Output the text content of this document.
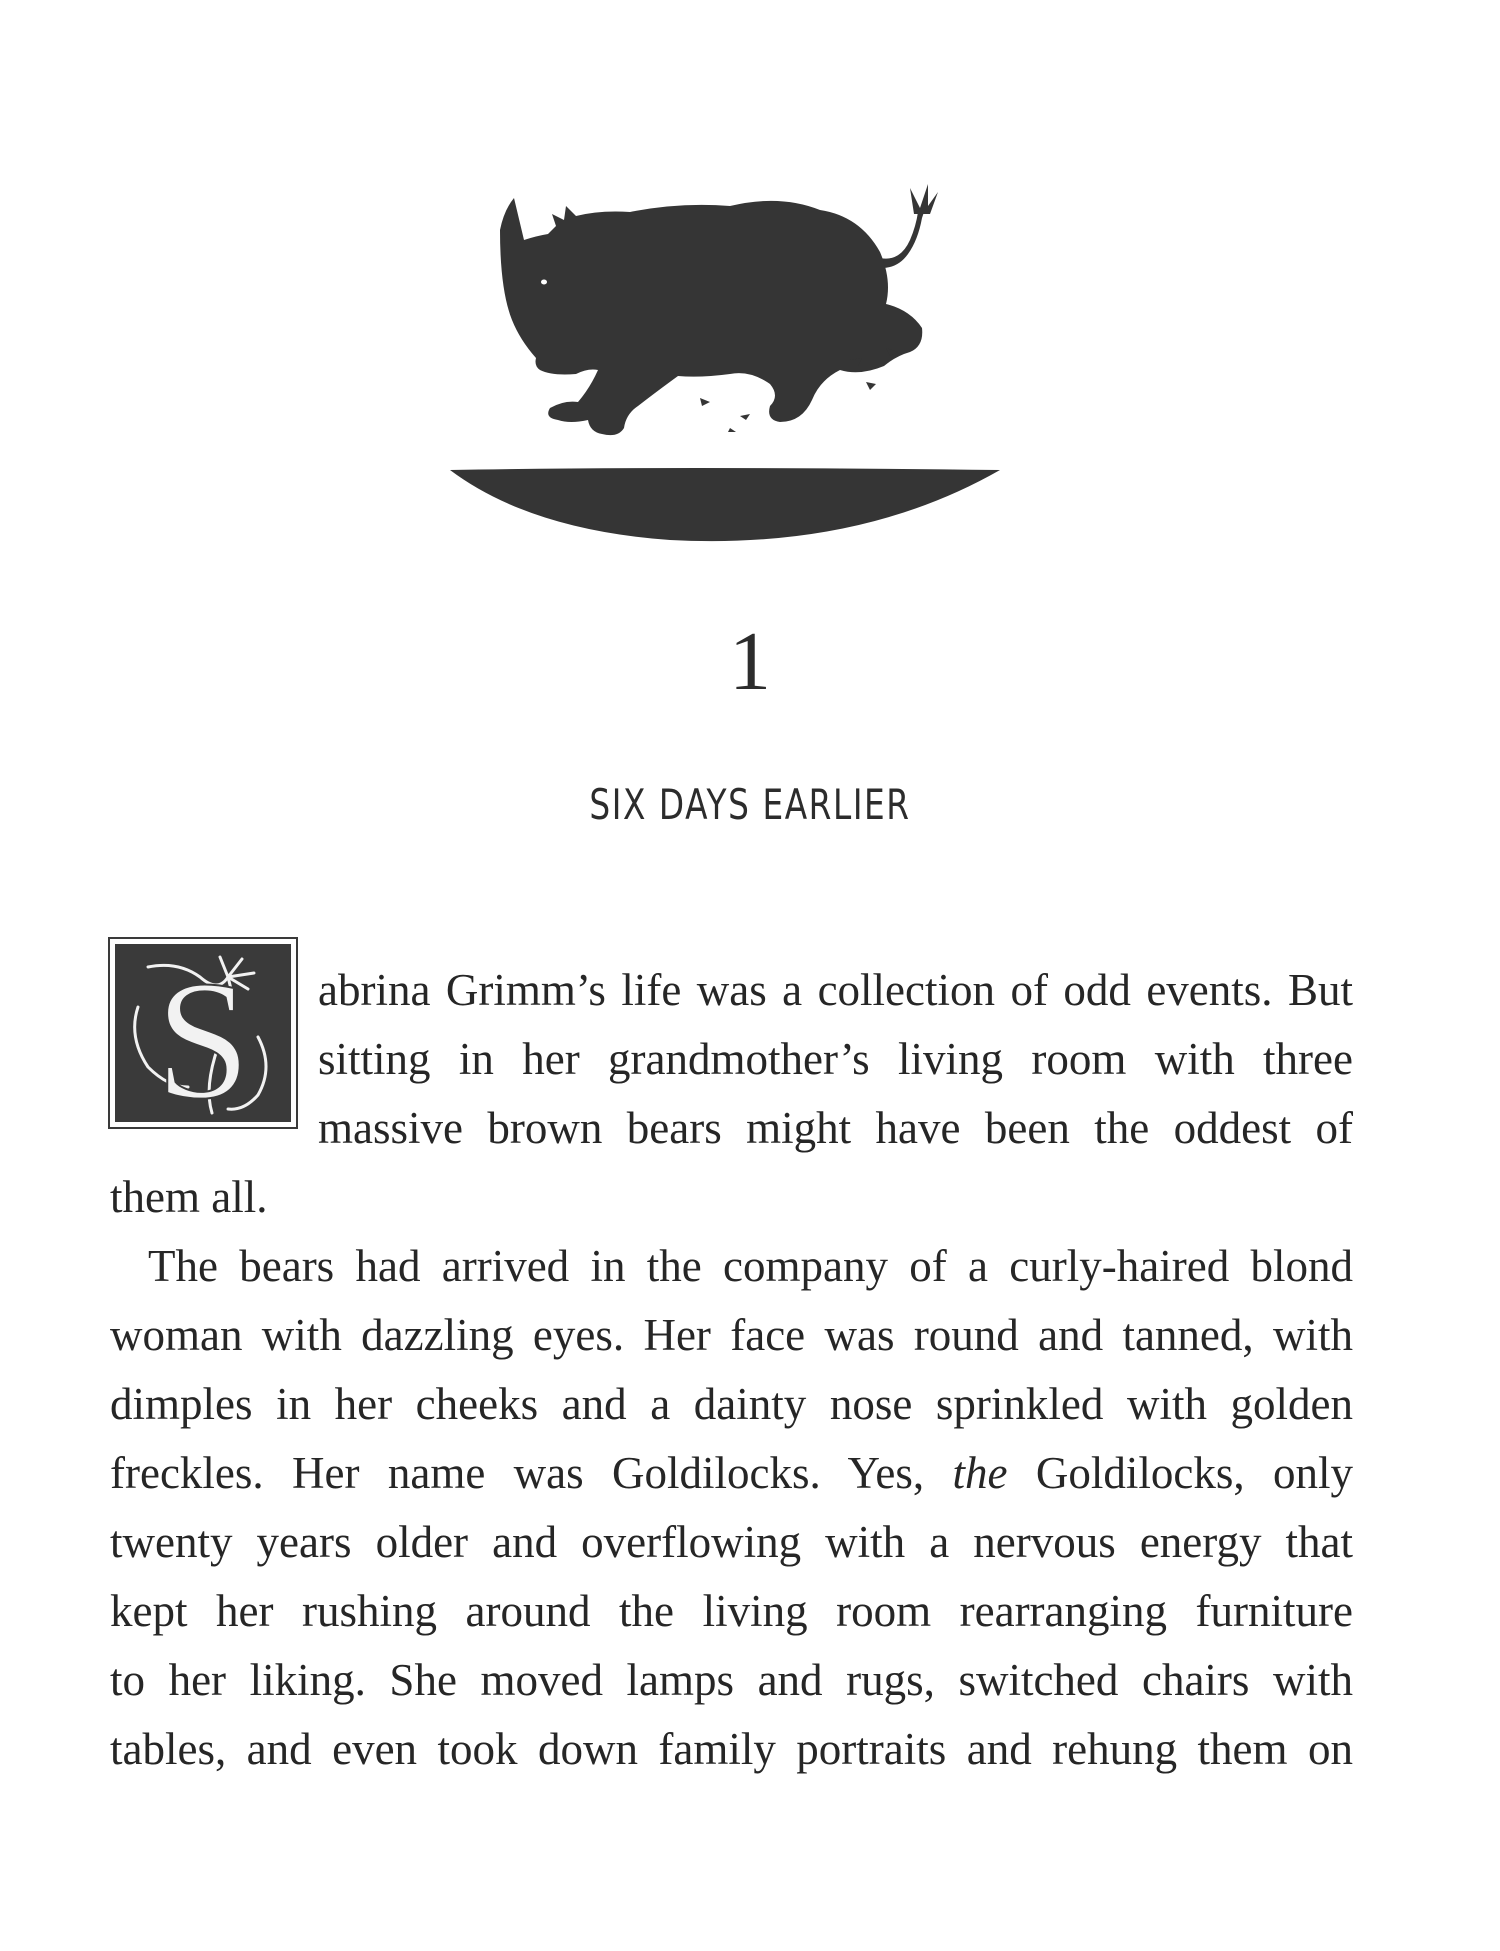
1
SIX DAYS EARLIER
S abrina Grimm’s life was a collection of odd events. But
sitting in her grandmother’s living room with three
massive brown bears might have been the oddest of
them all.
The bears had arrived in the company of a curly-haired blond
woman with dazzling eyes. Her face was round and tanned, with
dimples in her cheeks and a dainty nose sprinkled with golden
freckles. Her name was Goldilocks. Yes, the Goldilocks, only
twenty years older and overflowing with a nervous energy that
kept her rushing around the living room rearranging furniture
to her liking. She moved lamps and rugs, switched chairs with
tables, and even took down family portraits and rehung them on
